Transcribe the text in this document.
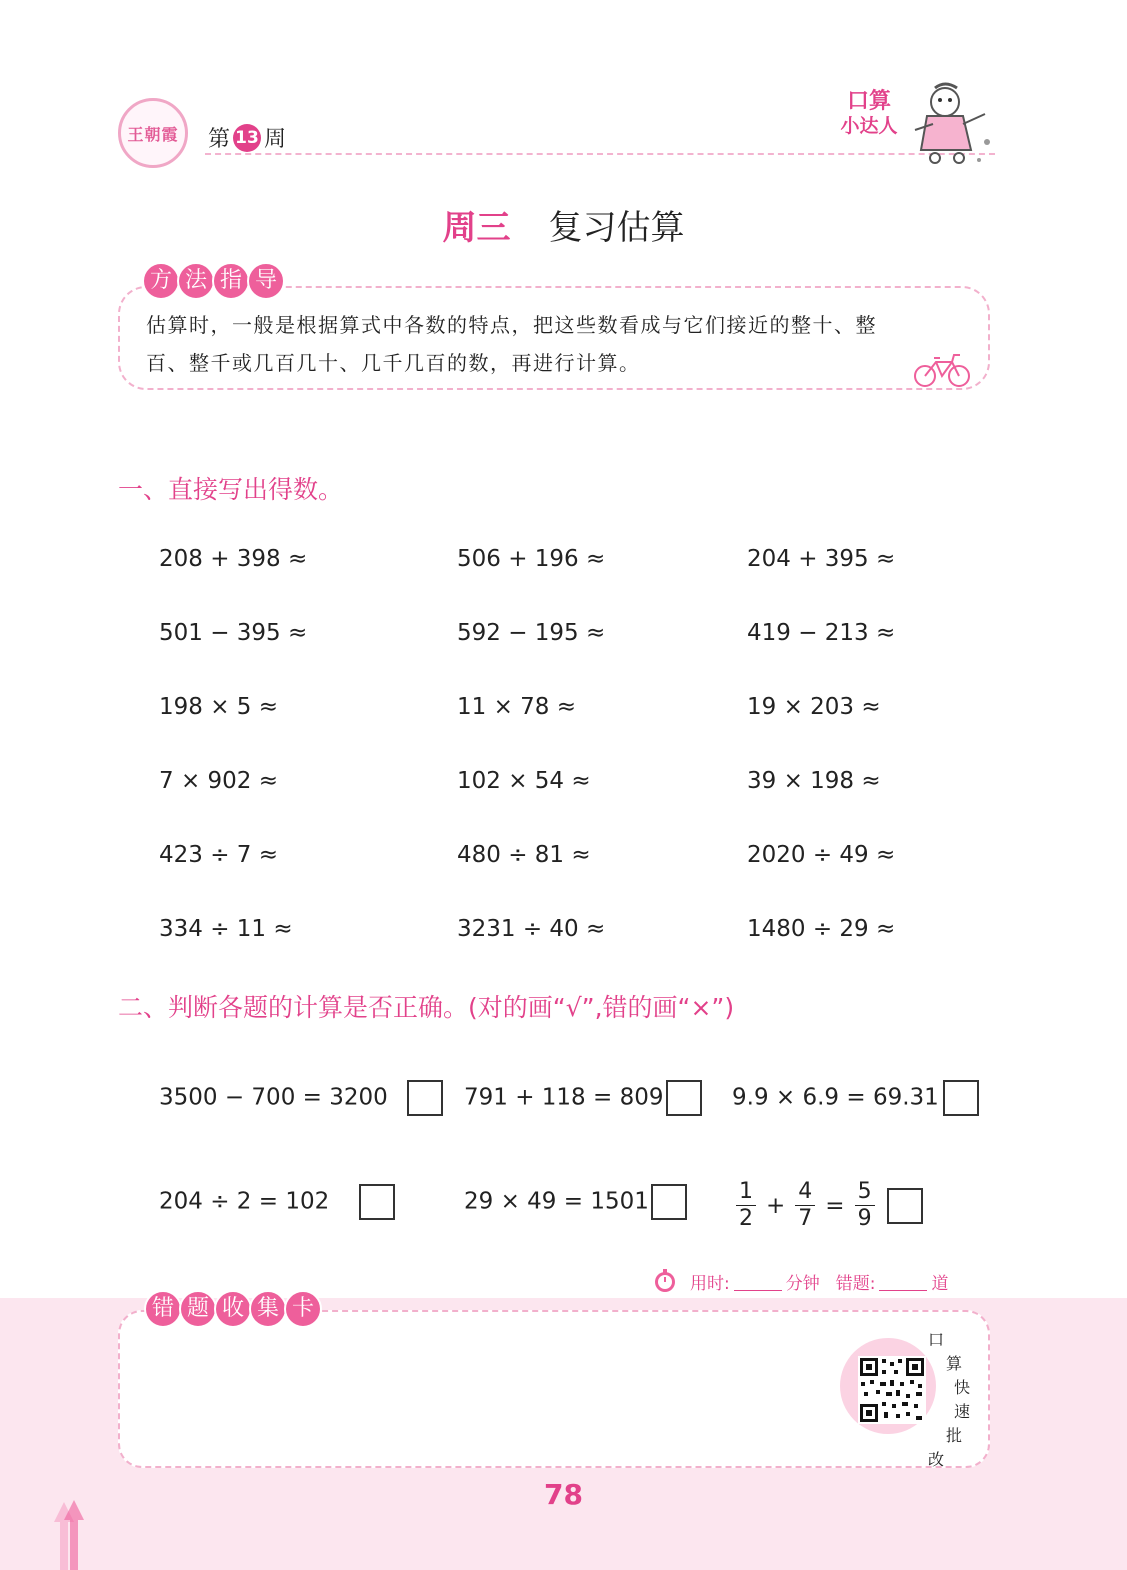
王朝霞 第 13 周
口算
小达人
周三 复习估算
方 法 指 导
估算时，一般是根据算式中各数的特点，把这些数看成与它们接近的整十、整
百、整千或几百几十、几千几百的数，再进行计算。
一、直接写出得数。
208 + 398 ≈	506 + 196 ≈	204 + 395 ≈
501 − 395 ≈	592 − 195 ≈	419 − 213 ≈
198 × 5 ≈	11 × 78 ≈	19 × 203 ≈
7 × 902 ≈	102 × 54 ≈	39 × 198 ≈
423 ÷ 7 ≈	480 ÷ 81 ≈	2020 ÷ 49 ≈
334 ÷ 11 ≈	3231 ÷ 40 ≈	1480 ÷ 29 ≈
二、判断各题的计算是否正确。(对的画“√”,错的画“×”)
3500 − 700 = 3200	791 + 118 = 809	9.9 × 6.9 = 69.31
204 ÷ 2 = 102	29 × 49 = 1501	$\frac{1}{2} + \frac{4}{7} = \frac{5}{9}$
用时:	分钟 错题:	道
错 题 收 集 卡
口
算
快
速
批
改
78
